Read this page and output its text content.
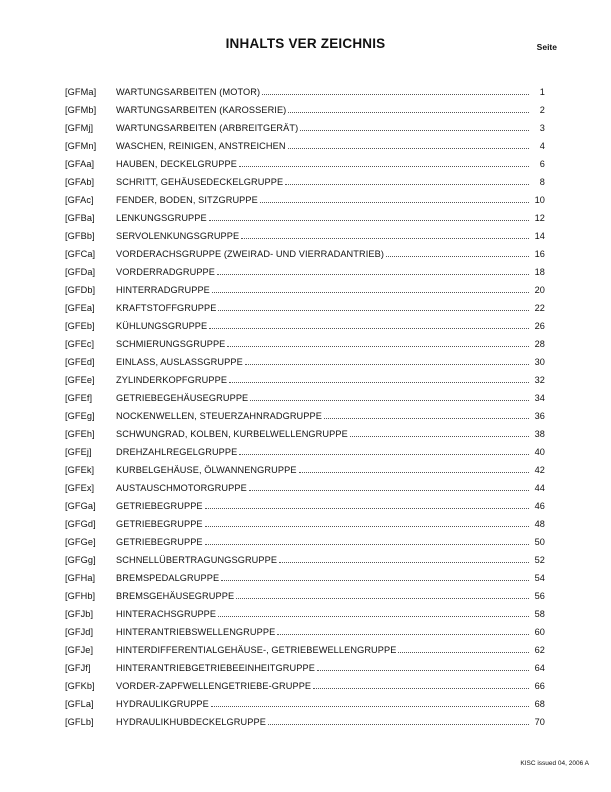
INHALTS VER ZEICHNIS	Seite
[GFMa]	WARTUNGSARBEITEN (MOTOR)	1
[GFMb]	WARTUNGSARBEITEN (KAROSSERIE)	2
[GFMj]	WARTUNGSARBEITEN (ARBREITGERÄT)	3
[GFMn]	WASCHEN, REINIGEN, ANSTREICHEN	4
[GFAa]	HAUBEN, DECKELGRUPPE	6
[GFAb]	SCHRITT, GEHÄUSEDECKELGRUPPE	8
[GFAc]	FENDER, BODEN, SITZGRUPPE	10
[GFBa]	LENKUNGSGRUPPE	12
[GFBb]	SERVOLENKUNGSGRUPPE	14
[GFCa]	VORDERACHSGRUPPE (ZWEIRAD- UND VIERRADANTRIEB)	16
[GFDa]	VORDERRADGRUPPE	18
[GFDb]	HINTERRADGRUPPE	20
[GFEa]	KRAFTSTOFFGRUPPE	22
[GFEb]	KÜHLUNGSGRUPPE	26
[GFEc]	SCHMIERUNGSGRUPPE	28
[GFEd]	EINLASS, AUSLASSGRUPPE	30
[GFEe]	ZYLINDERKOPFGRUPPE	32
[GFEf]	GETRIEBEGEHÄUSEGRUPPE	34
[GFEg]	NOCKENWELLEN, STEUERZAHNRADGRUPPE	36
[GFEh]	SCHWUNGRAD, KOLBEN, KURBELWELLENGRUPPE	38
[GFEj]	DREHZAHLREGELGRUPPE	40
[GFEk]	KURBELGEHÄUSE, ÖLWANNENGRUPPE	42
[GFEx]	AUSTAUSCHMOTORGRUPPE	44
[GFGa]	GETRIEBEGRUPPE	46
[GFGd]	GETRIEBEGRUPPE	48
[GFGe]	GETRIEBEGRUPPE	50
[GFGg]	SCHNELLÜBERTRAGUNGSGRUPPE	52
[GFHa]	BREMSPEDALGRUPPE	54
[GFHb]	BREMSGEHÄUSEGRUPPE	56
[GFJb]	HINTERACHSGRUPPE	58
[GFJd]	HINTERANTRIEBSWELLENGRUPPE	60
[GFJe]	HINTERDIFFERENTIALGEHÄUSE-, GETRIEBEWELLENGRUPPE	62
[GFJf]	HINTERANTRIEBGETRIEBEEINHEITGRUPPE	64
[GFKb]	VORDER-ZAPFWELLENGETRIEBE-GRUPPE	66
[GFLa]	HYDRAULIKGRUPPE	68
[GFLb]	HYDRAULIKHUBDECKELGRUPPE	70
KISC issued 04, 2006 A
